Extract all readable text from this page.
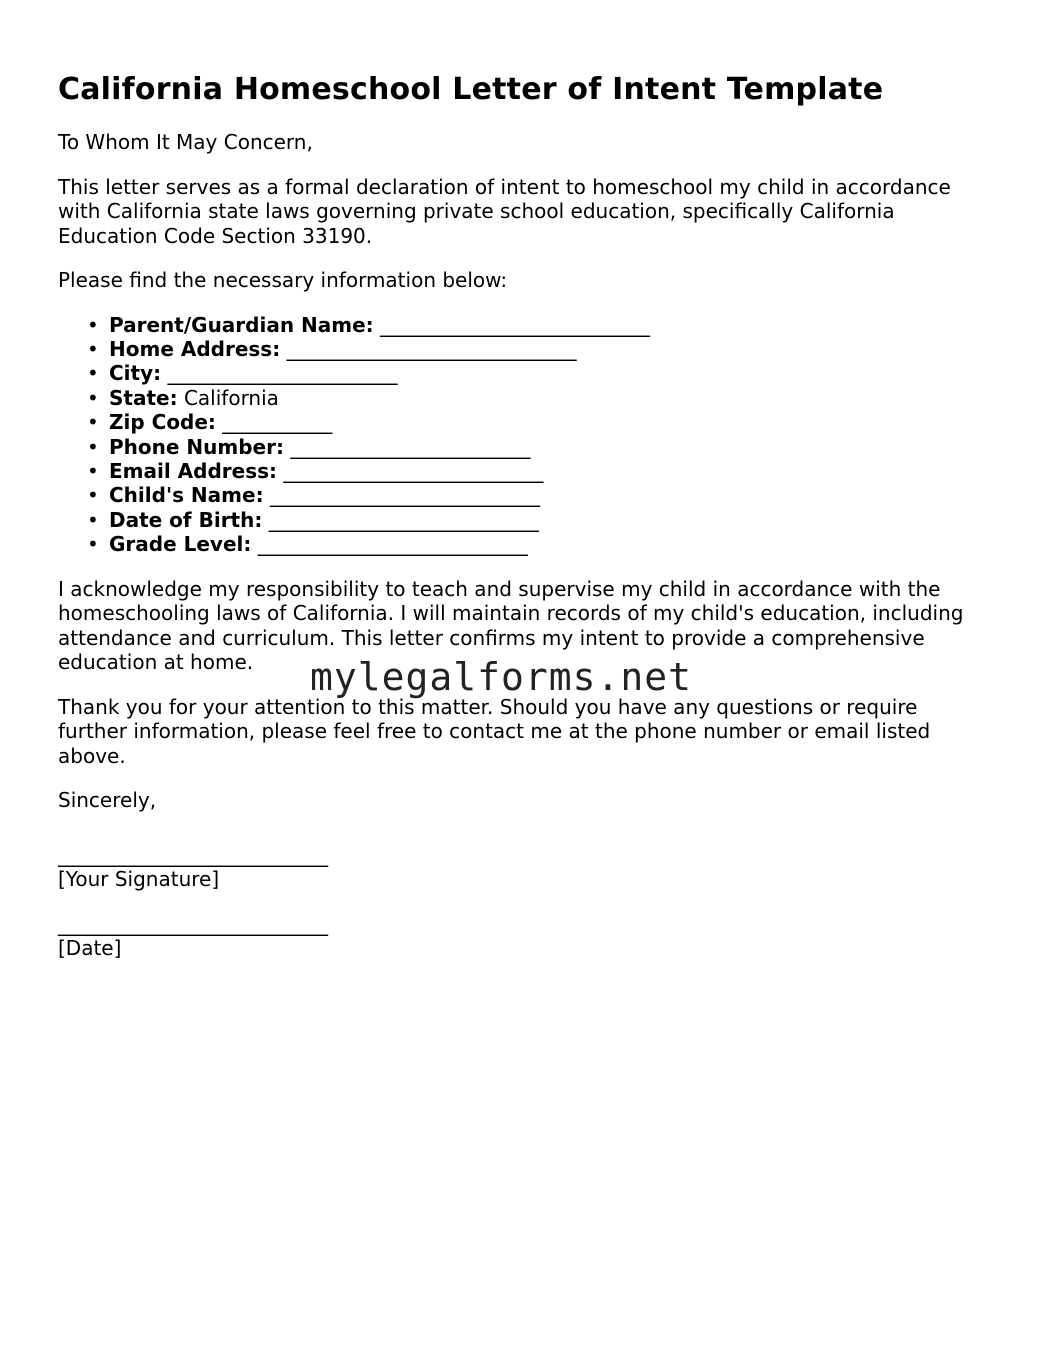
California Homeschool Letter of Intent Template

To Whom It May Concern,

This letter serves as a formal declaration of intent to homeschool my child in accordance with California state laws governing private school education, specifically California Education Code Section 33190.

Please find the necessary information below:

• Parent/Guardian Name: ___________________________
• Home Address: _____________________________
• City: _______________________
• State: California
• Zip Code: ___________
• Phone Number: ________________________
• Email Address: __________________________
• Child's Name: ___________________________
• Date of Birth: ___________________________
• Grade Level: ___________________________

I acknowledge my responsibility to teach and supervise my child in accordance with the homeschooling laws of California. I will maintain records of my child's education, including attendance and curriculum. This letter confirms my intent to provide a comprehensive education at home.

Thank you for your attention to this matter. Should you have any questions or require further information, please feel free to contact me at the phone number or email listed above.

Sincerely,

___________________________
[Your Signature]
___________________________
[Date]
mylegalforms.net
